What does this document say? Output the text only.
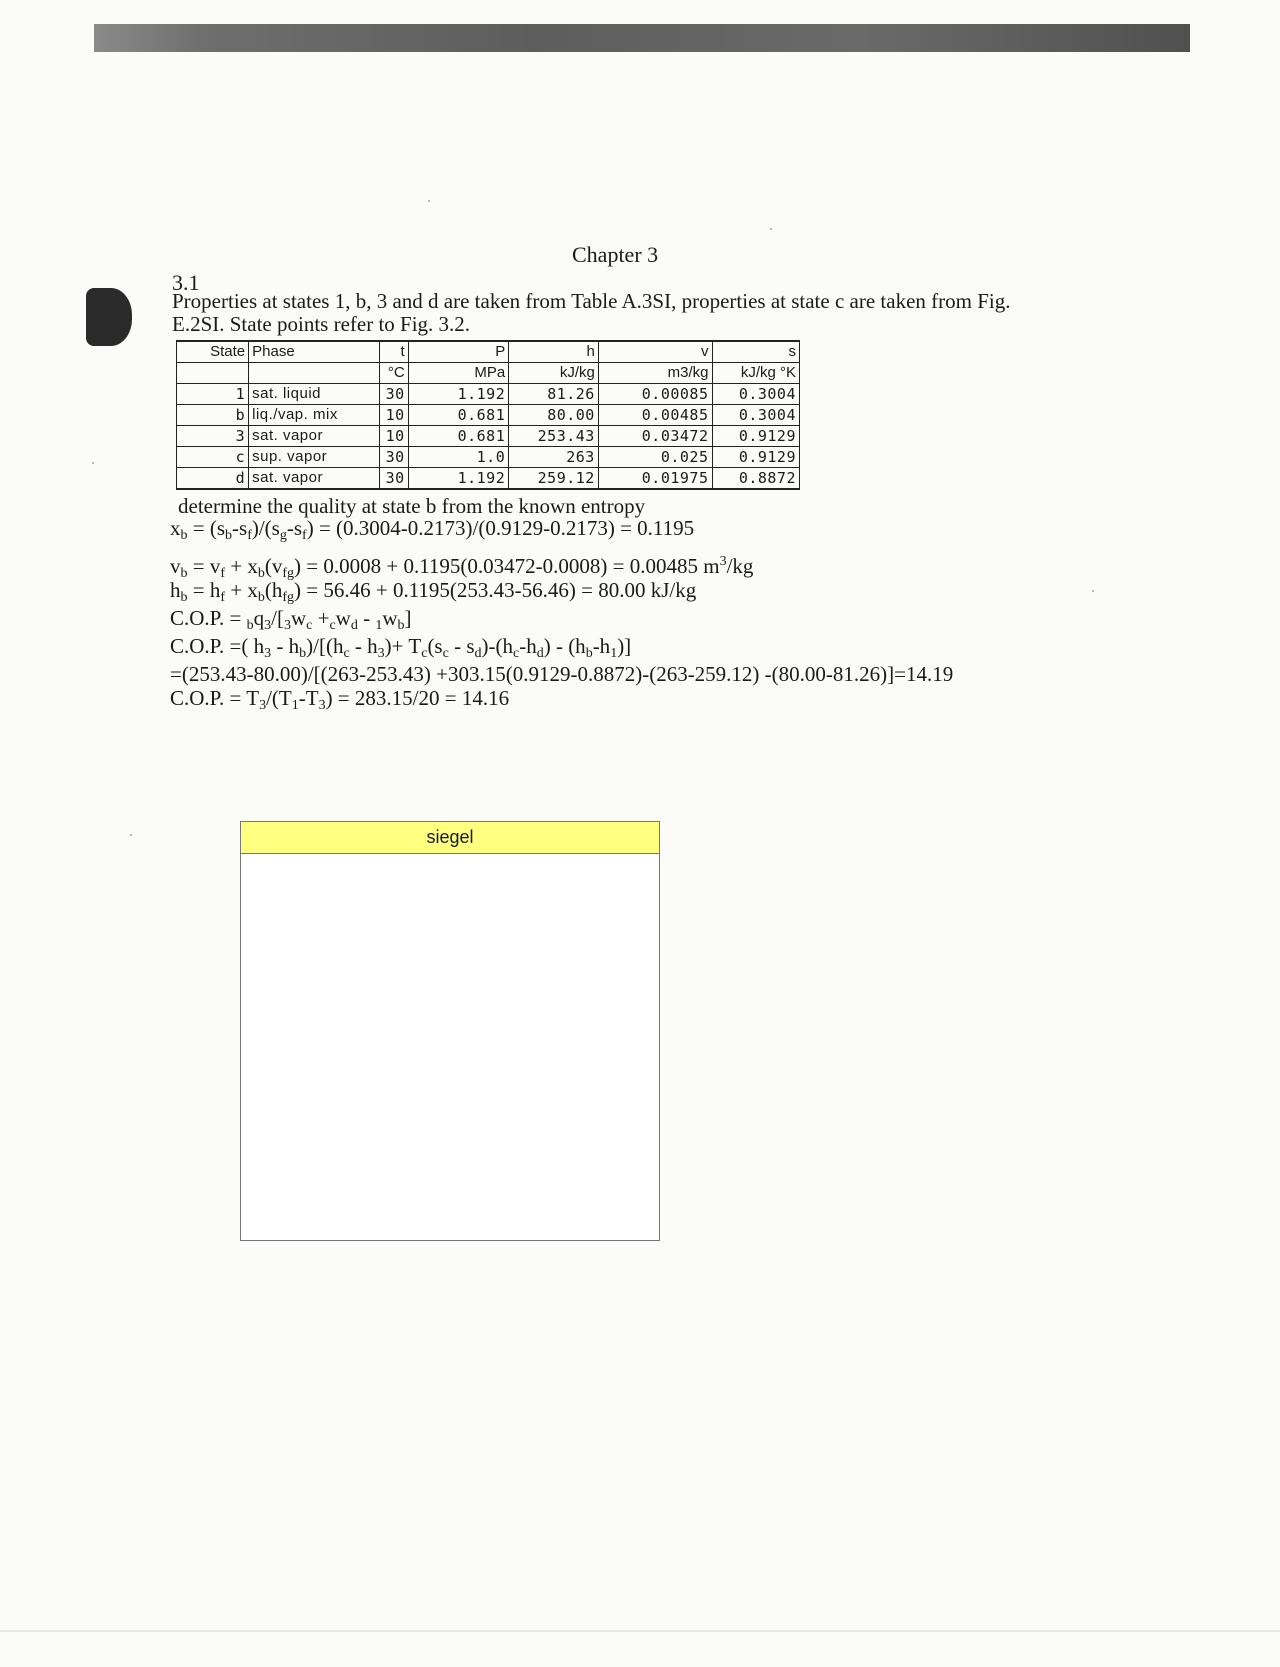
Chapter 3
3.1
Properties at states 1, b, 3 and d are taken from Table A.3SI, properties at state c are taken from Fig. E.2SI. State points refer to Fig. 3.2.
State	Phase	t	P	h	v	s
		°C	MPa	kJ/kg	m3/kg	kJ/kg °K
1	sat. liquid	30	1.192	81.26	0.00085	0.3004
b	liq./vap. mix	10	0.681	80.00	0.00485	0.3004
3	sat. vapor	10	0.681	253.43	0.03472	0.9129
c	sup. vapor	30	1.0	263	0.025	0.9129
d	sat. vapor	30	1.192	259.12	0.01975	0.8872
determine the quality at state b from the known entropy
$x_b = (s_b-s_f)/(s_g-s_f) = (0.3004-0.2173)/(0.9129-0.2173) = 0.1195$
$v_b = v_f + x_b(v_{fg}) = 0.0008 + 0.1195(0.03472-0.0008) = 0.00485$ $m^3/kg$
$h_b = h_f + x_b(h_{fg}) = 56.46 + 0.1195(253.43-56.46) = 80.00$ kJ/kg
C.O.P. = $_bq_3/[_3w_c +_cw_d - _1w_b]$
C.O.P. =( $h_3 - h_b)/[(h_c - h_3)+ T_c(s_c - s_d)-(h_c-h_d) - (h_b-h_1)]$
=(253.43-80.00)/[(263-253.43) +303.15(0.9129-0.8872)-(263-259.12) -(80.00-81.26)]=14.19
C.O.P. = $T_3/(T_1-T_3) = 283.15/20 = 14.16$
siegel
